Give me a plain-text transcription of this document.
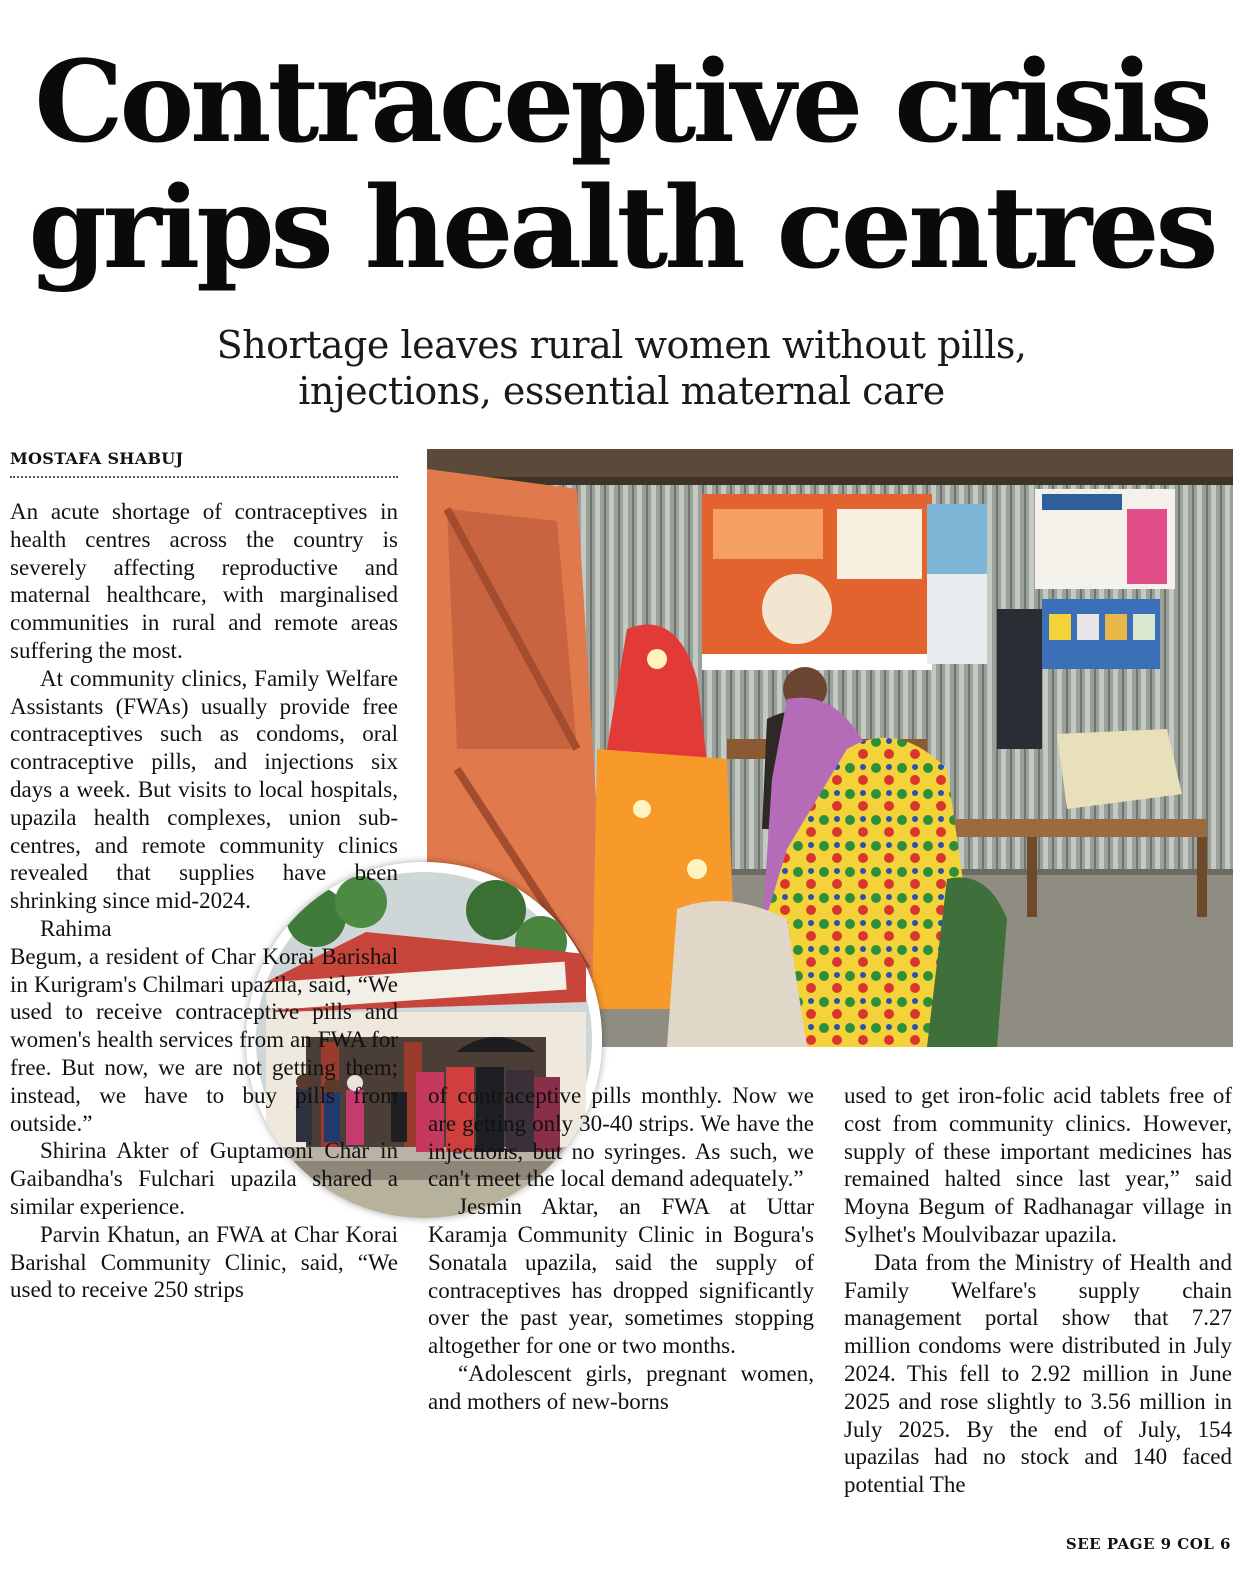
Contraceptive crisis
grips health centres
Shortage leaves rural women without pills,
injections, essential maternal care
MOSTAFA SHABUJ

An acute shortage of contraceptives in health centres across the country is severely affecting reproductive and maternal healthcare, with marginalised communities in rural and remote areas suffering the most.

At community clinics, Family Welfare Assistants (FWAs) usually provide free contraceptives such as condoms, oral contraceptive pills, and injections six days a week. But visits to local hospitals, upazila health complexes, union sub-centres, and remote community clinics revealed that supplies have been shrinking since mid-2024.

Rahima Begum, a resident of Char Korai Barishal in Kurigram's Chilmari upazila, said, “We used to receive contraceptive pills and women's health services from an FWA for free. But now, we are not getting them; instead, we have to buy pills from outside.”

Shirina Akter of Guptamoni Char in Gaibandha's Fulchari upazila shared a similar experience.

Parvin Khatun, an FWA at Char Korai Barishal Community Clinic, said, “We used to receive 250 strips

of contraceptive pills monthly. Now we are getting only 30-40 strips. We have the injections, but no syringes. As such, we can't meet the local demand adequately.”

Jesmin Aktar, an FWA at Uttar Karamja Community Clinic in Bogura's Sonatala upazila, said the supply of contraceptives has dropped significantly over the past year, sometimes stopping altogether for one or two months.

“Adolescent girls, pregnant women, and mothers of new-borns

used to get iron-folic acid tablets free of cost from community clinics. However, supply of these important medicines has remained halted since last year,” said Moyna Begum of Radhanagar village in Sylhet's Moulvibazar upazila.

Data from the Ministry of Health and Family Welfare's supply chain management portal show that 7.27 million condoms were distributed in July 2024. This fell to 2.92 million in June 2025 and rose slightly to 3.56 million in July 2025. By the end of July, 154 upazilas had no stock and 140 faced potential The

SEE PAGE 9 COL 6
